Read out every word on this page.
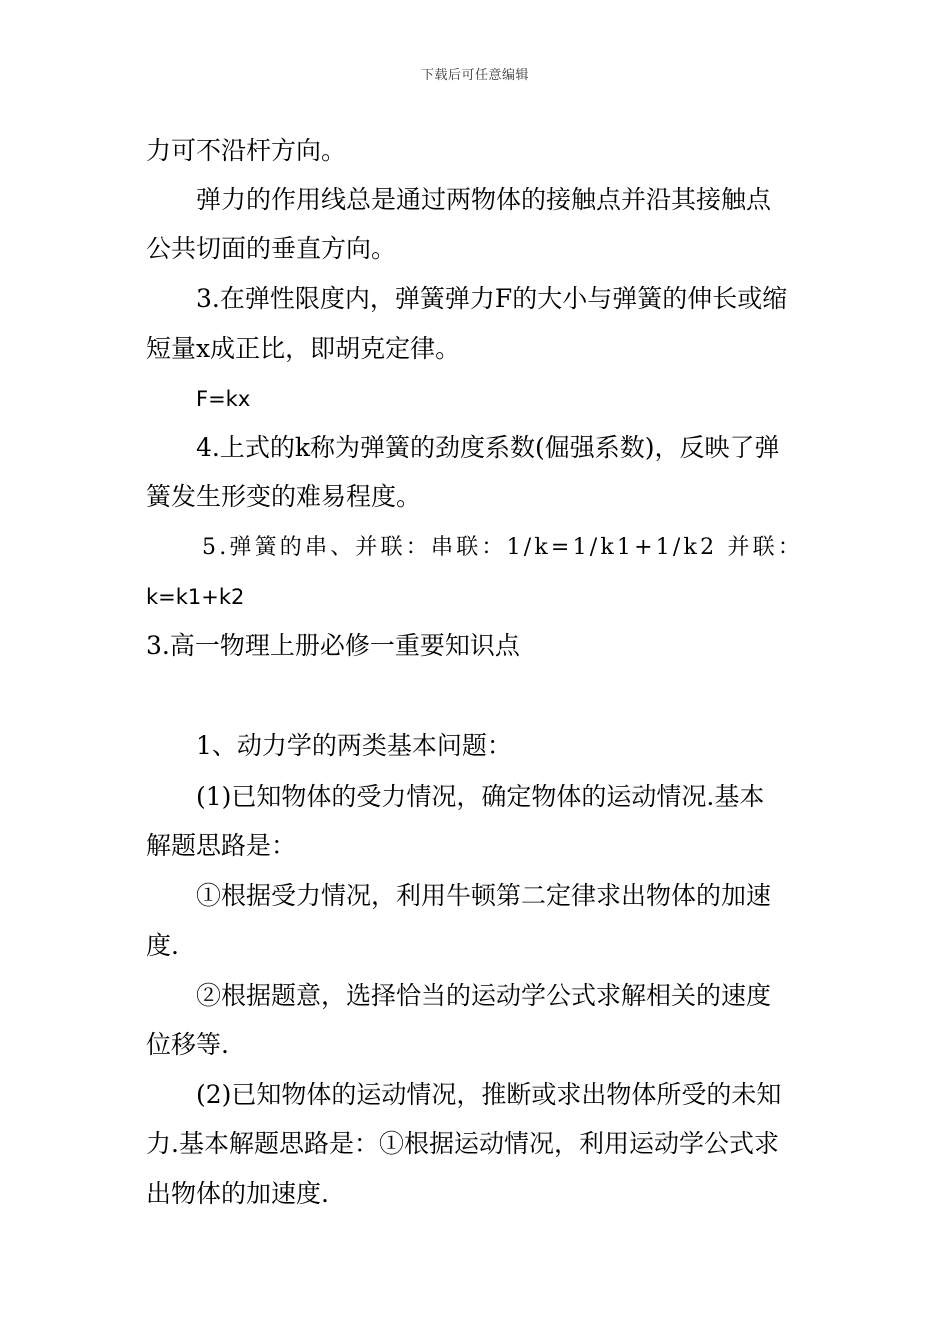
下载后可任意编辑
力可不沿杆方向。
弹力的作用线总是通过两物体的接触点并沿其接触点
公共切面的垂直方向。
3.在弹性限度内，弹簧弹力F的大小与弹簧的伸长或缩
短量x成正比，即胡克定律。
F=kx
4.上式的k称为弹簧的劲度系数(倔强系数)，反映了弹
簧发生形变的难易程度。
5.弹簧的串、并联：串联：1/k=1/k1+1/k2 并联：
k=k1+k2
3.高一物理上册必修一重要知识点
1、动力学的两类基本问题：
(1)已知物体的受力情况，确定物体的运动情况.基本
解题思路是：
①根据受力情况，利用牛顿第二定律求出物体的加速
度.
②根据题意，选择恰当的运动学公式求解相关的速度
位移等.
(2)已知物体的运动情况，推断或求出物体所受的未知
力.基本解题思路是：①根据运动情况，利用运动学公式求
出物体的加速度.
